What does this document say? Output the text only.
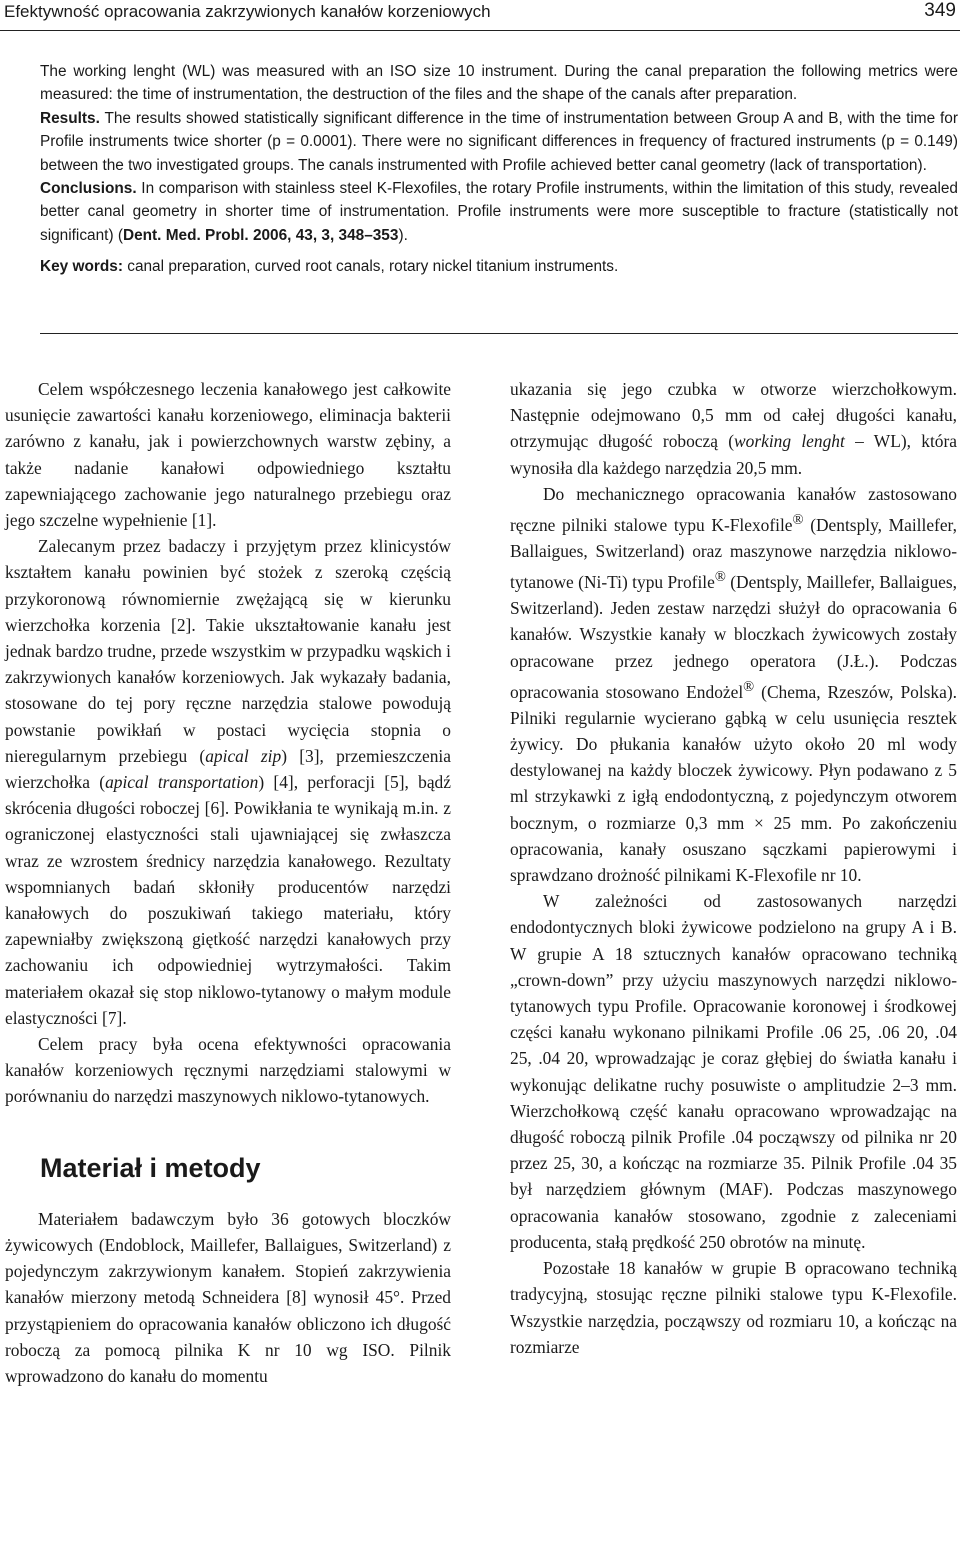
Efektywność opracowania zakrzywionych kanałów korzeniowych	349

The working lenght (WL) was measured with an ISO size 10 instrument. During the canal preparation the following metrics were measured: the time of instrumentation, the destruction of the files and the shape of the canals after preparation.

Results. The results showed statistically significant difference in the time of instrumentation between Group A and B, with the time for Profile instruments twice shorter (p = 0.0001). There were no significant differences in frequency of fractured instruments (p = 0.149) between the two investigated groups. The canals instrumented with Profile achieved better canal geometry (lack of transportation).

Conclusions. In comparison with stainless steel K-Flexofiles, the rotary Profile instruments, within the limitation of this study, revealed better canal geometry in shorter time of instrumentation. Profile instruments were more susceptible to fracture (statistically not significant) (Dent. Med. Probl. 2006, 43, 3, 348–353).

Key words: canal preparation, curved root canals, rotary nickel titanium instruments.

Celem współczesnego leczenia kanałowego jest całkowite usunięcie zawartości kanału korzeniowego, eliminacja bakterii zarówno z kanału, jak i powierzchownych warstw zębiny, a także nadanie kanałowi odpowiedniego kształtu zapewniającego zachowanie jego naturalnego przebiegu oraz jego szczelne wypełnienie [1].

Zalecanym przez badaczy i przyjętym przez klinicystów kształtem kanału powinien być stożek z szeroką częścią przykoronową równomiernie zwężającą się w kierunku wierzchołka korzenia [2]. Takie ukształtowanie kanału jest jednak bardzo trudne, przede wszystkim w przypadku wąskich i zakrzywionych kanałów korzeniowych. Jak wykazały badania, stosowane do tej pory ręczne narzędzia stalowe powodują powstanie powikłań w postaci wycięcia stopnia o nieregularnym przebiegu (apical zip) [3], przemieszczenia wierzchołka (apical transportation) [4], perforacji [5], bądź skrócenia długości roboczej [6]. Powikłania te wynikają m.in. z ograniczonej elastyczności stali ujawniającej się zwłaszcza wraz ze wzrostem średnicy narzędzia kanałowego. Rezultaty wspomnianych badań skłoniły producentów narzędzi kanałowych do poszukiwań takiego materiału, który zapewniałby zwiększoną giętkość narzędzi kanałowych przy zachowaniu ich odpowiedniej wytrzymałości. Takim materiałem okazał się stop niklowo-tytanowy o małym module elastyczności [7].

Celem pracy była ocena efektywności opracowania kanałów korzeniowych ręcznymi narzędziami stalowymi w porównaniu do narzędzi maszynowych niklowo-tytanowych.

Materiał i metody

Materiałem badawczym było 36 gotowych bloczków żywicowych (Endoblock, Maillefer, Ballaigues, Switzerland) z pojedynczym zakrzywionym kanałem. Stopień zakrzywienia kanałów mierzony metodą Schneidera [8] wynosił 45°. Przed przystąpieniem do opracowania kanałów obliczono ich długość roboczą za pomocą pilnika K nr 10 wg ISO. Pilnik wprowadzono do kanału do momentu

ukazania się jego czubka w otworze wierzchołkowym. Następnie odejmowano 0,5 mm od całej długości kanału, otrzymując długość roboczą (working lenght – WL), która wynosiła dla każdego narzędzia 20,5 mm.

Do mechanicznego opracowania kanałów zastosowano ręczne pilniki stalowe typu K-Flexofile® (Dentsply, Maillefer, Ballaigues, Switzerland) oraz maszynowe narzędzia niklowo-tytanowe (Ni-Ti) typu Profile® (Dentsply, Maillefer, Ballaigues, Switzerland). Jeden zestaw narzędzi służył do opracowania 6 kanałów. Wszystkie kanały w bloczkach żywicowych zostały opracowane przez jednego operatora (J.Ł.). Podczas opracowania stosowano Endożel® (Chema, Rzeszów, Polska). Pilniki regularnie wycierano gąbką w celu usunięcia resztek żywicy. Do płukania kanałów użyto około 20 ml wody destylowanej na każdy bloczek żywicowy. Płyn podawano z 5 ml strzykawki z igłą endodontyczną, z pojedynczym otworem bocznym, o rozmiarze 0,3 mm × 25 mm. Po zakończeniu opracowania, kanały osuszano sączkami papierowymi i sprawdzano drożność pilnikami K-Flexofile nr 10.

W zależności od zastosowanych narzędzi endodontycznych bloki żywicowe podzielono na grupy A i B. W grupie A 18 sztucznych kanałów opracowano techniką „crown-down” przy użyciu maszynowych narzędzi niklowo-tytanowych typu Profile. Opracowanie koronowej i środkowej części kanału wykonano pilnikami Profile .06 25, .06 20, .04 25, .04 20, wprowadzając je coraz głębiej do światła kanału i wykonując delikatne ruchy posuwiste o amplitudzie 2–3 mm. Wierzchołkową część kanału opracowano wprowadzając na długość roboczą pilnik Profile .04 począwszy od pilnika nr 20 przez 25, 30, a kończąc na rozmiarze 35. Pilnik Profile .04 35 był narzędziem głównym (MAF). Podczas maszynowego opracowania kanałów stosowano, zgodnie z zaleceniami producenta, stałą prędkość 250 obrotów na minutę.

Pozostałe 18 kanałów w grupie B opracowano techniką tradycyjną, stosując ręczne pilniki stalowe typu K-Flexofile. Wszystkie narzędzia, począwszy od rozmiaru 10, a kończąc na rozmiarze
